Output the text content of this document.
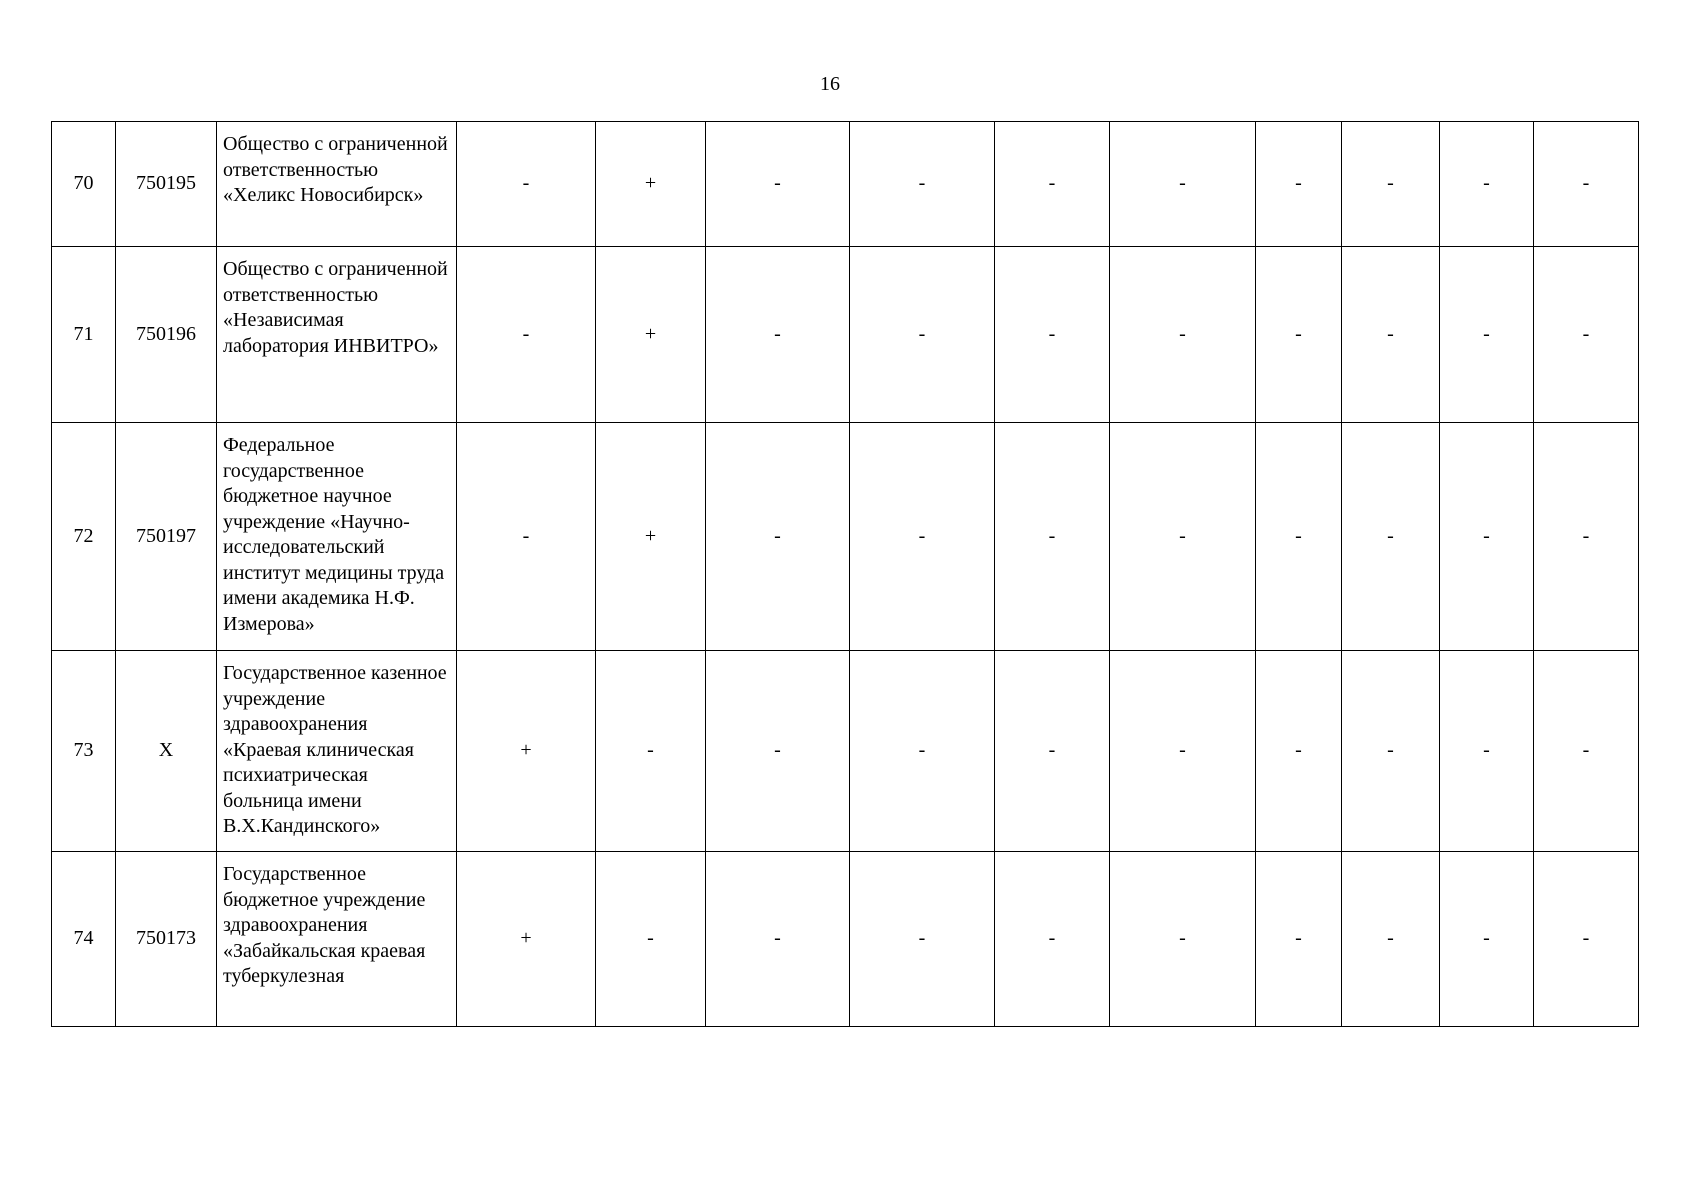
16
70	750195	Общество с ограниченной ответственностью «Хеликс Новосибирск»	-	+	-	-	-	-	-	-	-	-
71	750196	Общество с ограниченной ответственностью «Независимая лаборатория ИНВИТРО»	-	+	-	-	-	-	-	-	-	-
72	750197	Федеральное государственное бюджетное научное учреждение «Научно-исследовательский институт медицины труда имени академика Н.Ф. Измерова»	-	+	-	-	-	-	-	-	-	-
73	Х	Государственное казенное учреждение здравоохранения «Краевая клиническая психиатрическая больница имени В.Х.Кандинского»	+	-	-	-	-	-	-	-	-	-
74	750173	Государственное бюджетное учреждение здравоохранения «Забайкальская краевая туберкулезная	+	-	-	-	-	-	-	-	-	-
